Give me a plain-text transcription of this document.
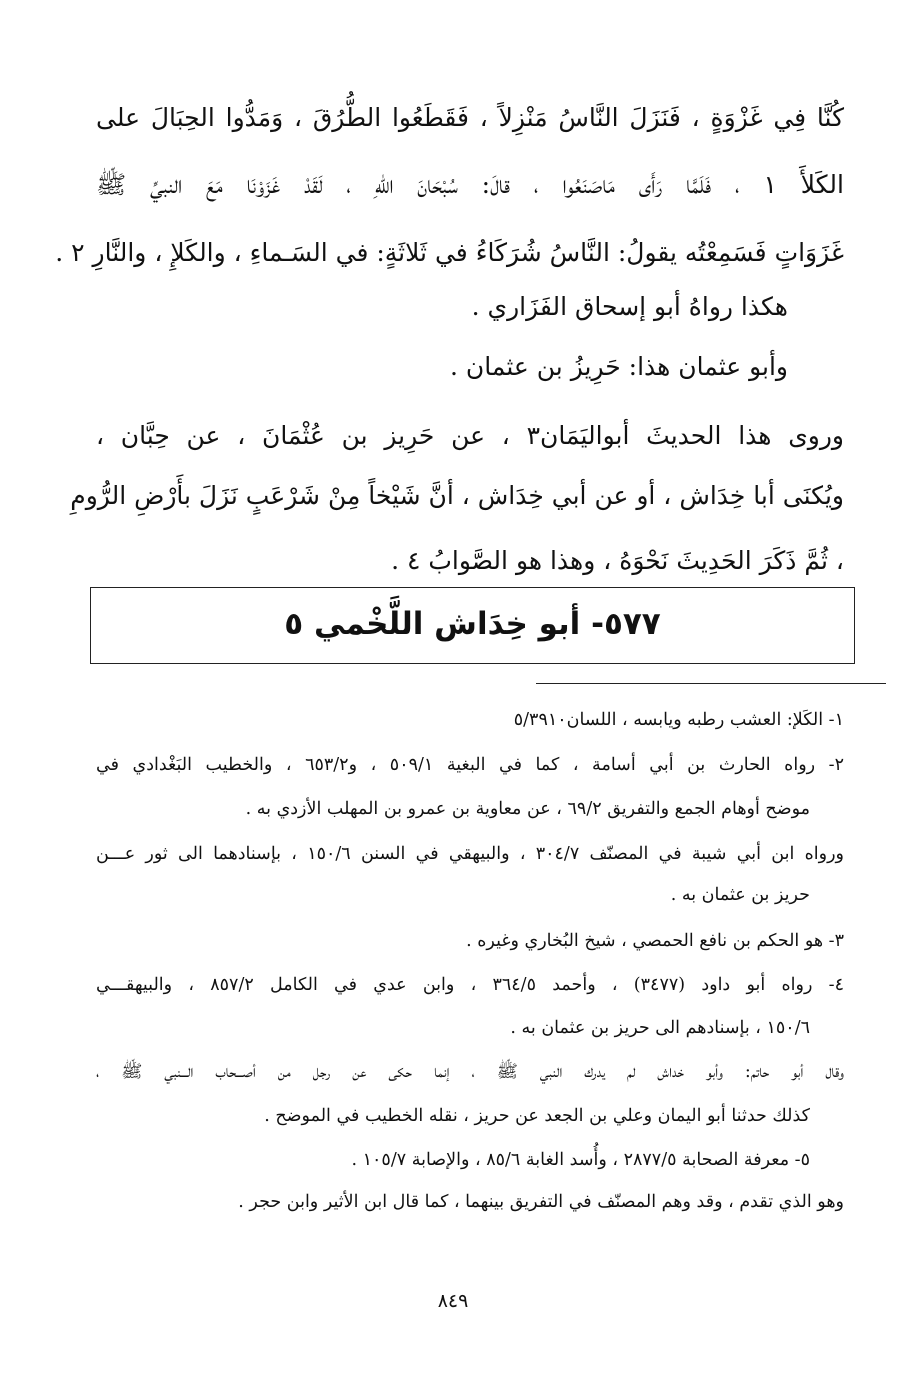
كُنَّا فِي غَزْوَةٍ ، فَنَزَلَ النَّاسُ مَنْزِلاً ، فَقَطَعُوا الطُّرُقَ ، وَمَدُّوا الحِبَالَ على
الكَلأَ ١ ، فَلَمَّا رَأَى مَاصَنَعُوا ، قالَ: سُبْحَانَ اللهِ ، لَقَدْ غَزَوْنَا مَعَ النبيِّ ﷺ
غَزَوَاتٍ فَسَمِعْتُه يقولُ: النَّاسُ شُرَكَاءُ في ثَلاثَةٍ: في السَـماءِ ، والكَلإِ ، والنَّارِ ٢ .
هكذا رواهُ أبو إسحاق الفَزَاري .
وأبو عثمان هذا: حَرِيزُ بن عثمان .
وروى هذا الحديثَ أبواليَمَان٣ ، عن حَرِيز بن عُثْمَانَ ، عن حِبَّان ،
ويُكنَى أبا خِدَاش ، أو عن أبي خِدَاش ، أنَّ شَيْخاً مِنْ شَرْعَبٍ نَزَلَ بأَرْضِ الرُّومِ
، ثُمَّ ذَكَرَ الحَدِيثَ نَحْوَهُ ، وهذا هو الصَّوابُ ٤ .
٥٧٧- أبو خِدَاش اللَّخْمي ٥
١- الكَلإ: العشب رطبه ويابسه ، اللسان٥/٣٩١٠
٢- رواه الحارث بن أبي أسامة ، كما في البغية ٥٠٩/١ ، و٦٥٣/٢ ، والخطيب البَغْدادي في
موضح أوهام الجمع والتفريق ٦٩/٢ ، عن معاوية بن عمرو بن المهلب الأزدي به .
ورواه ابن أبي شيبة في المصنّف ٣٠٤/٧ ، والبيهقي في السنن ١٥٠/٦ ، بإسنادهما الى ثور عـــن
حريز بن عثمان به .
٣- هو الحكم بن نافع الحمصي ، شيخ البُخاري وغيره .
٤- رواه أبو داود (٣٤٧٧) ، وأحمد ٣٦٤/٥ ، وابن عدي في الكامل ٨٥٧/٢ ، والبيهقـــي
١٥٠/٦ ، بإسنادهم الى حريز بن عثمان به .
وقال أبو حاتم: وأبو خداش لم يدرك النبي ﷺ ، إنما حكى عن رجل من أصـــحاب الـــنبي ﷺ ،
كذلك حدثنا أبو اليمان وعلي بن الجعد عن حريز ، نقله الخطيب في الموضح .
٥- معرفة الصحابة ٢٨٧٧/٥ ، وأُسد الغابة ٨٥/٦ ، والإصابة ١٠٥/٧ .
وهو الذي تقدم ، وقد وهم المصنّف في التفريق بينهما ، كما قال ابن الأثير وابن حجر .
٨٤٩
